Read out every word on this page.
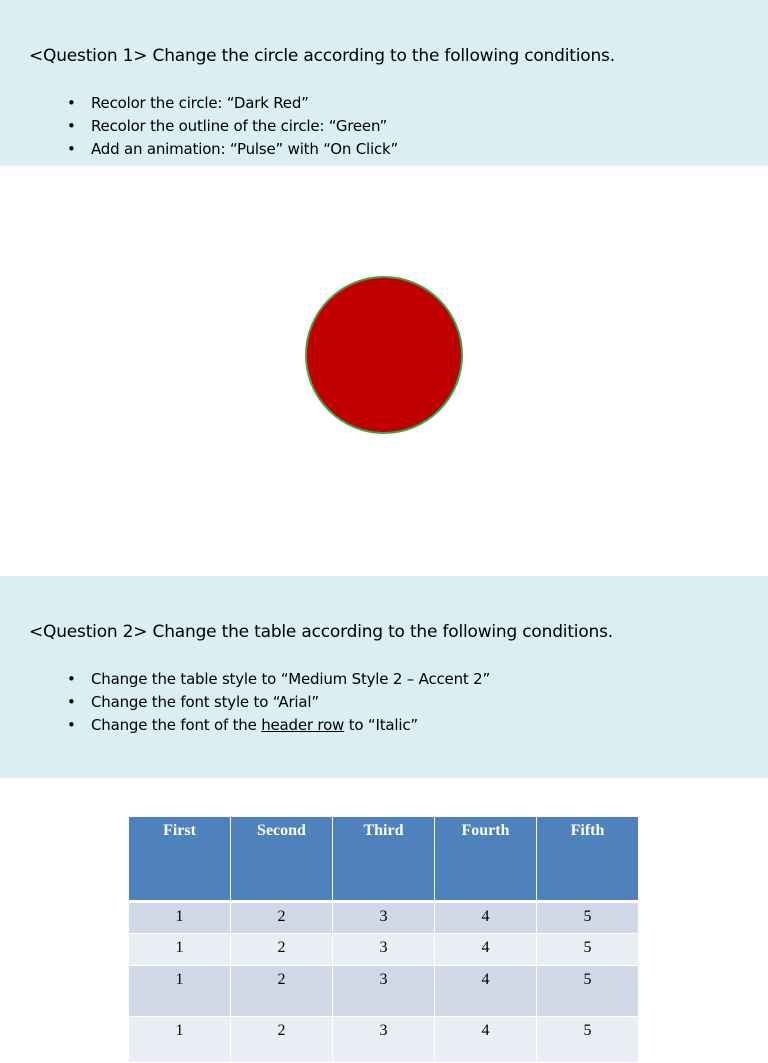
<Question 1> Change the circle according to the following conditions.
• Recolor the circle: “Dark Red”
• Recolor the outline of the circle: “Green”
• Add an animation: “Pulse” with “On Click”
<Question 2> Change the table according to the following conditions.
• Change the table style to “Medium Style 2 – Accent 2”
• Change the font style to “Arial”
• Change the font of the header row to “Italic”
First	Second	Third	Fourth	Fifth
1	2	3	4	5
1	2	3	4	5
1	2	3	4	5
1	2	3	4	5
